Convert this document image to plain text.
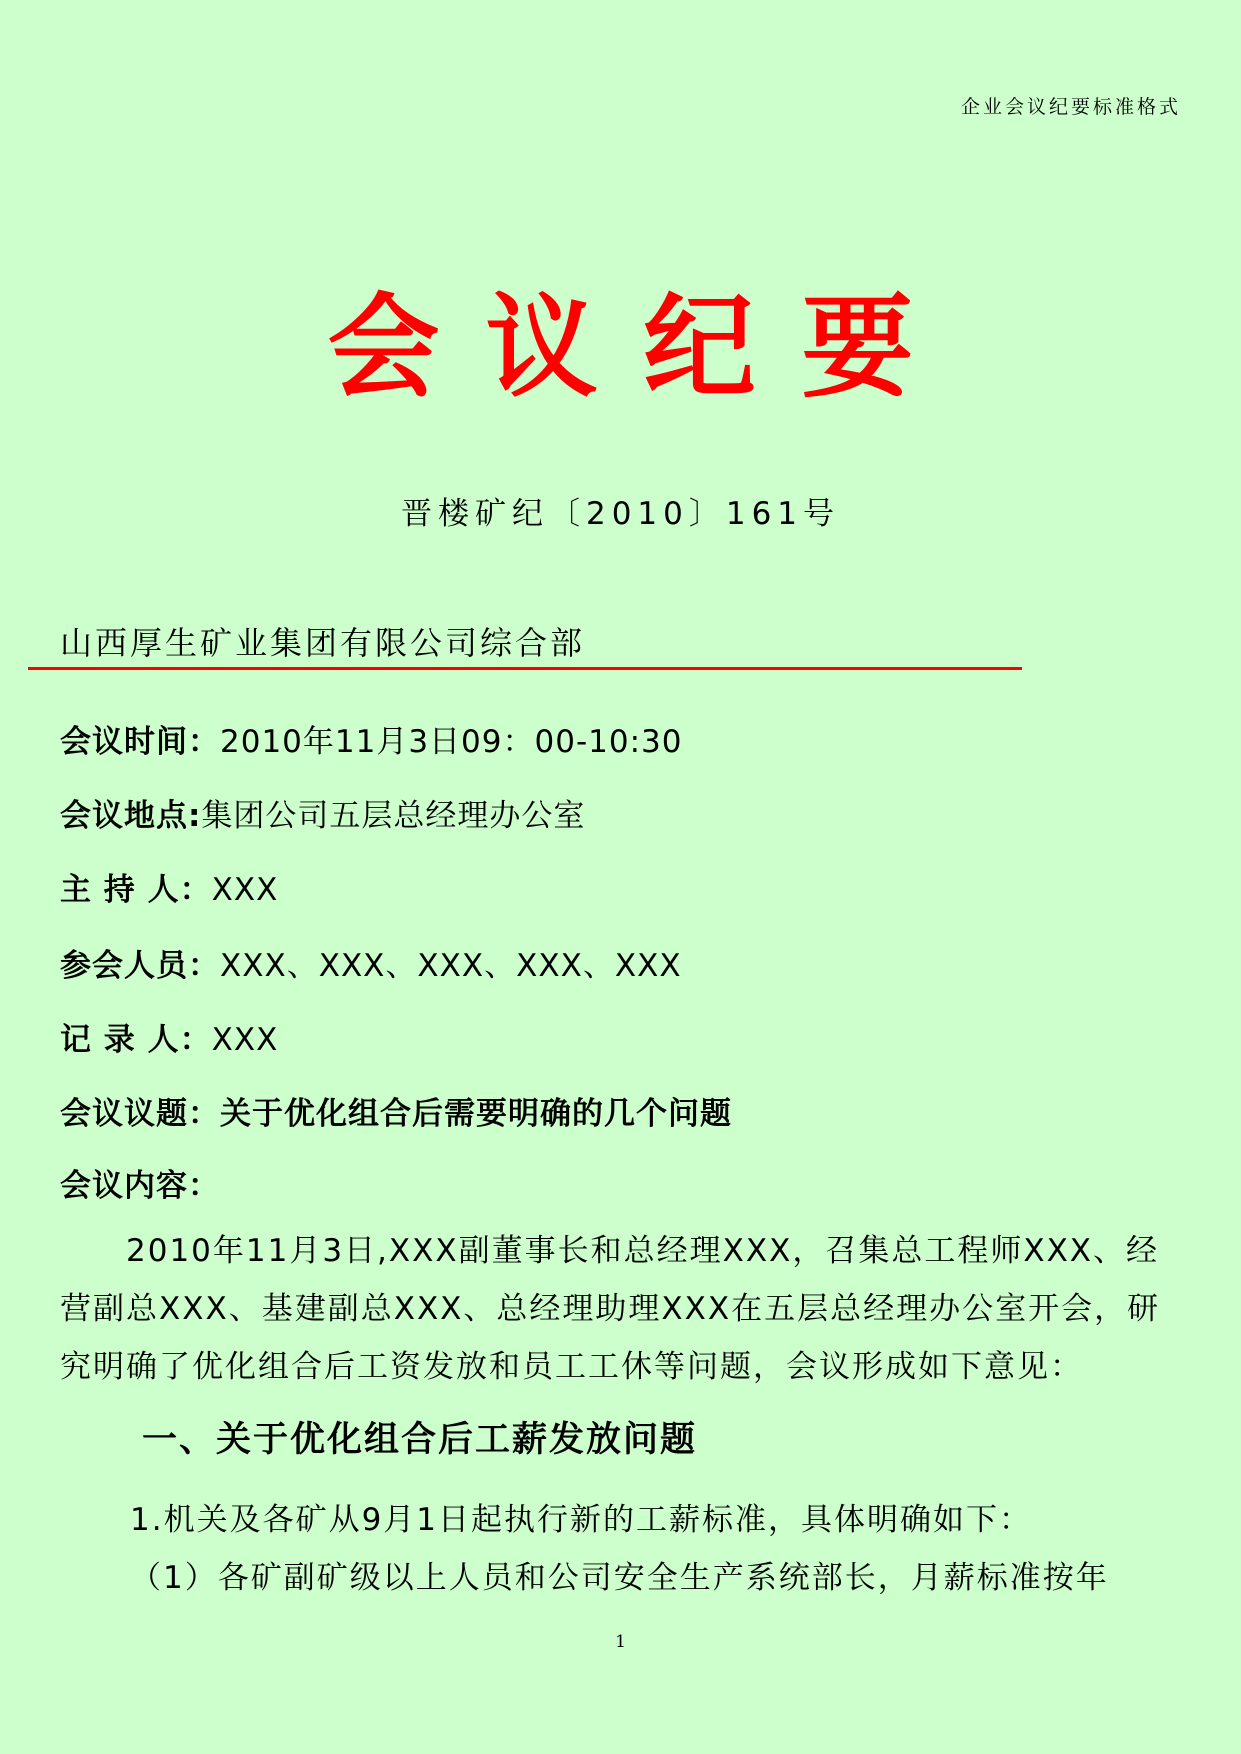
企业会议纪要标准格式
会议纪要
晋楼矿纪〔2010〕161号
山西厚生矿业集团有限公司综合部
会议时间：2010年11月3日09：00-10:30
会议地点:集团公司五层总经理办公室
主 持 人：XXX
参会人员：XXX、XXX、XXX、XXX、XXX
记 录 人：XXX
会议议题：关于优化组合后需要明确的几个问题
会议内容：
　　2010年11月3日,XXX副董事长和总经理XXX，召集总工程师XXX、经营副总XXX、基建副总XXX、总经理助理XXX在五层总经理办公室开会，研究明确了优化组合后工资发放和员工工休等问题，会议形成如下意见：
一、关于优化组合后工薪发放问题
1.机关及各矿从9月1日起执行新的工薪标准，具体明确如下：
（1）各矿副矿级以上人员和公司安全生产系统部长，月薪标准按年
1
